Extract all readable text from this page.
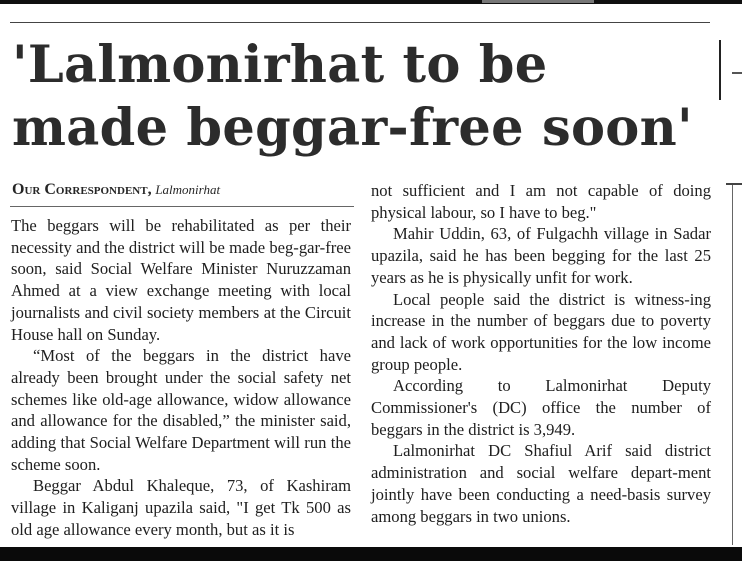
'Lalmonirhat to be made beggar-free soon'
Our Correspondent, Lalmonirhat

The beggars will be rehabilitated as per their necessity and the district will be made beg-gar-free soon, said Social Welfare Minister Nuruzzaman Ahmed at a view exchange meeting with local journalists and civil society members at the Circuit House hall on Sunday.

“Most of the beggars in the district have already been brought under the social safety net schemes like old-age allowance, widow allowance and allowance for the disabled,” the minister said, adding that Social Welfare Department will run the scheme soon.

Beggar Abdul Khaleque, 73, of Kashiram village in Kaliganj upazila said, "I get Tk 500 as old age allowance every month, but as it is

not sufficient and I am not capable of doing physical labour, so I have to beg."

Mahir Uddin, 63, of Fulgachh village in Sadar upazila, said he has been begging for the last 25 years as he is physically unfit for work.

Local people said the district is witness-ing increase in the number of beggars due to poverty and lack of work opportunities for the low income group people.

According to Lalmonirhat Deputy Commissioner's (DC) office the number of beggars in the district is 3,949.

Lalmonirhat DC Shafiul Arif said district administration and social welfare depart-ment jointly have been conducting a need-basis survey among beggars in two unions.
